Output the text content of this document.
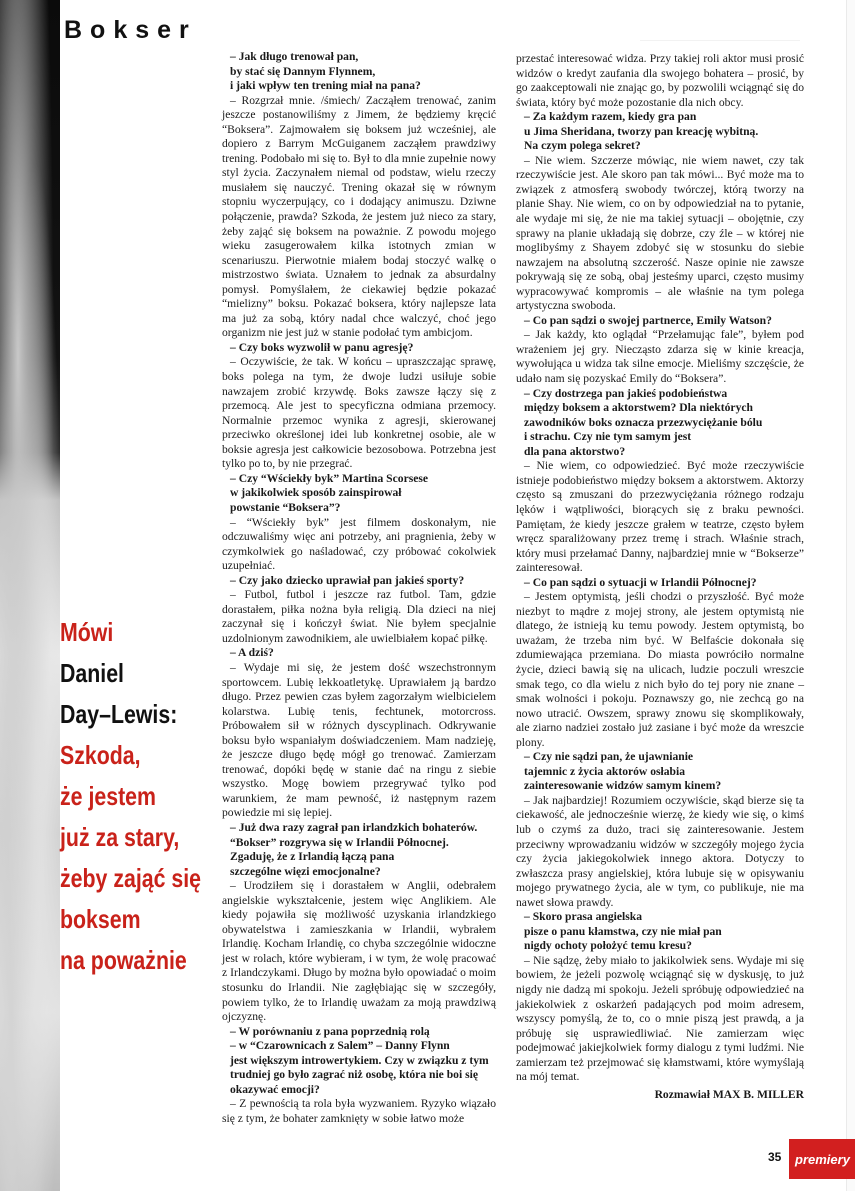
Bokser
Mówi
Daniel
Day–Lewis:
Szkoda,
że jestem
już za stary,
żeby zająć się
boksem
na poważnie

– Jak długo trenował pan,
by stać się Dannym Flynnem,
i jaki wpływ ten trening miał na pana?

– Rozgrzał mnie. /śmiech/ Zacząłem trenować, zanim jeszcze postanowiliśmy z Jimem, że będziemy kręcić “Boksera”. Zajmowałem się boksem już wcześniej, ale dopiero z Barrym McGuiganem zacząłem prawdziwy trening. Podobało mi się to. Był to dla mnie zupełnie nowy styl życia. Zaczynałem niemal od podstaw, wielu rzeczy musiałem się nauczyć. Trening okazał się w równym stopniu wyczerpujący, co i dodający animuszu. Dziwne połączenie, prawda? Szkoda, że jestem już nieco za stary, żeby zająć się boksem na poważnie. Z powodu mojego wieku zasugerowałem kilka istotnych zmian w scenariuszu. Pierwotnie miałem bodaj stoczyć walkę o mistrzostwo świata. Uznałem to jednak za absurdalny pomysł. Pomyślałem, że ciekawiej będzie pokazać “mielizny” boksu. Pokazać boksera, który najlepsze lata ma już za sobą, który nadal chce walczyć, choć jego organizm nie jest już w stanie podołać tym ambicjom.

– Czy boks wyzwolił w panu agresję?

– Oczywiście, że tak. W końcu – upraszczając sprawę, boks polega na tym, że dwoje ludzi usiłuje sobie nawzajem zrobić krzywdę. Boks zawsze łączy się z przemocą. Ale jest to specyficzna odmiana przemocy. Normalnie przemoc wynika z agresji, skierowanej przeciwko określonej idei lub konkretnej osobie, ale w boksie agresja jest całkowicie bezosobowa. Potrzebna jest tylko po to, by nie przegrać.

– Czy “Wściekły byk” Martina Scorsese
w jakikolwiek sposób zainspirował
powstanie “Boksera”?

– “Wściekły byk” jest filmem doskonałym, nie odczuwaliśmy więc ani potrzeby, ani pragnienia, żeby w czymkolwiek go naśladować, czy próbować cokolwiek uzupełniać.

– Czy jako dziecko uprawiał pan jakieś sporty?

– Futbol, futbol i jeszcze raz futbol. Tam, gdzie dorastałem, piłka nożna była religią. Dla dzieci na niej zaczynał się i kończył świat. Nie byłem specjalnie uzdolnionym zawodnikiem, ale uwielbiałem kopać piłkę.

– A dziś?

– Wydaje mi się, że jestem dość wszechstronnym sportowcem. Lubię lekkoatletykę. Uprawiałem ją bardzo długo. Przez pewien czas byłem zagorzałym wielbicielem kolarstwa. Lubię tenis, fechtunek, motorcross. Próbowałem sił w różnych dyscyplinach. Odkrywanie boksu było wspaniałym doświadczeniem. Mam nadzieję, że jeszcze długo będę mógł go trenować. Zamierzam trenować, dopóki będę w stanie dać na ringu z siebie wszystko. Mogę bowiem przegrywać tylko pod warunkiem, że mam pewność, iż następnym razem powiedzie mi się lepiej.

– Już dwa razy zagrał pan irlandzkich bohaterów.
“Bokser” rozgrywa się w Irlandii Północnej.
Zgaduję, że z Irlandią łączą pana
szczególne więzi emocjonalne?

– Urodziłem się i dorastałem w Anglii, odebrałem angielskie wykształcenie, jestem więc Anglikiem. Ale kiedy pojawiła się możliwość uzyskania irlandzkiego obywatelstwa i zamieszkania w Irlandii, wybrałem Irlandię. Kocham Irlandię, co chyba szczególnie widoczne jest w rolach, które wybieram, i w tym, że wolę pracować z Irlandczykami. Długo by można było opowiadać o moim stosunku do Irlandii. Nie zagłębiając się w szczegóły, powiem tylko, że to Irlandię uważam za moją prawdziwą ojczyznę.

– W porównaniu z pana poprzednią rolą
– w “Czarownicach z Salem” – Danny Flynn
jest większym introwertykiem. Czy w związku z tym
trudniej go było zagrać niż osobę, która nie boi się
okazywać emocji?

– Z pewnością ta rola była wyzwaniem. Ryzyko wiązało się z tym, że bohater zamknięty w sobie łatwo może

przestać interesować widza. Przy takiej roli aktor musi prosić widzów o kredyt zaufania dla swojego bohatera – prosić, by go zaakceptowali nie znając go, by pozwolili wciągnąć się do świata, który być może pozostanie dla nich obcy.

– Za każdym razem, kiedy gra pan
u Jima Sheridana, tworzy pan kreację wybitną.
Na czym polega sekret?

– Nie wiem. Szczerze mówiąc, nie wiem nawet, czy tak rzeczywiście jest. Ale skoro pan tak mówi... Być może ma to związek z atmosferą swobody twórczej, którą tworzy na planie Shay. Nie wiem, co on by odpowiedział na to pytanie, ale wydaje mi się, że nie ma takiej sytuacji – obojętnie, czy sprawy na planie układają się dobrze, czy źle – w której nie moglibyśmy z Shayem zdobyć się w stosunku do siebie nawzajem na absolutną szczerość. Nasze opinie nie zawsze pokrywają się ze sobą, obaj jesteśmy uparci, często musimy wypracowywać kompromis – ale właśnie na tym polega artystyczna swoboda.

– Co pan sądzi o swojej partnerce, Emily Watson?

– Jak każdy, kto oglądał “Przełamując fale”, byłem pod wrażeniem jej gry. Niecząsto zdarza się w kinie kreacja, wywołująca u widza tak silne emocje. Mieliśmy szczęście, że udało nam się pozyskać Emily do “Boksera”.

– Czy dostrzega pan jakieś podobieństwa
między boksem a aktorstwem? Dla niektórych
zawodników boks oznacza przezwyciężanie bólu
i strachu. Czy nie tym samym jest
dla pana aktorstwo?

– Nie wiem, co odpowiedzieć. Być może rzeczywiście istnieje podobieństwo między boksem a aktorstwem. Aktorzy często są zmuszani do przezwyciężania różnego rodzaju lęków i wątpliwości, biorących się z braku pewności. Pamiętam, że kiedy jeszcze grałem w teatrze, często byłem wręcz sparaliżowany przez tremę i strach. Właśnie strach, który musi przełamać Danny, najbardziej mnie w “Bokserze” zainteresował.

– Co pan sądzi o sytuacji w Irlandii Północnej?

– Jestem optymistą, jeśli chodzi o przyszłość. Być może niezbyt to mądre z mojej strony, ale jestem optymistą nie dlatego, że istnieją ku temu powody. Jestem optymistą, bo uważam, że trzeba nim być. W Belfaście dokonała się zdumiewająca przemiana. Do miasta powróciło normalne życie, dzieci bawią się na ulicach, ludzie poczuli wreszcie smak tego, co dla wielu z nich było do tej pory nie znane – smak wolności i pokoju. Poznawszy go, nie zechcą go na nowo utracić. Owszem, sprawy znowu się skomplikowały, ale ziarno nadziei zostało już zasiane i być może da wreszcie plony.

– Czy nie sądzi pan, że ujawnianie
tajemnic z życia aktorów osłabia
zainteresowanie widzów samym kinem?

– Jak najbardziej! Rozumiem oczywiście, skąd bierze się ta ciekawość, ale jednocześnie wierzę, że kiedy wie się, o kimś lub o czymś za dużo, traci się zainteresowanie. Jestem przeciwny wprowadzaniu widzów w szczegóły mojego życia czy życia jakiegokolwiek innego aktora. Dotyczy to zwłaszcza prasy angielskiej, która lubuje się w opisywaniu mojego prywatnego życia, ale w tym, co publikuje, nie ma nawet słowa prawdy.

– Skoro prasa angielska
pisze o panu kłamstwa, czy nie miał pan
nigdy ochoty położyć temu kresu?

– Nie sądzę, żeby miało to jakikolwiek sens. Wydaje mi się bowiem, że jeżeli pozwolę wciągnąć się w dyskusję, to już nigdy nie dadzą mi spokoju. Jeżeli spróbuję odpowiedzieć na jakiekolwiek z oskarżeń padających pod moim adresem, wszyscy pomyślą, że to, co o mnie piszą jest prawdą, a ja próbuję się usprawiedliwiać. Nie zamierzam więc podejmować jakiejkolwiek formy dialogu z tymi ludźmi. Nie zamierzam też przejmować się kłamstwami, które wymyślają na mój temat.

Rozmawiał MAX B. MILLER
35	premiery
